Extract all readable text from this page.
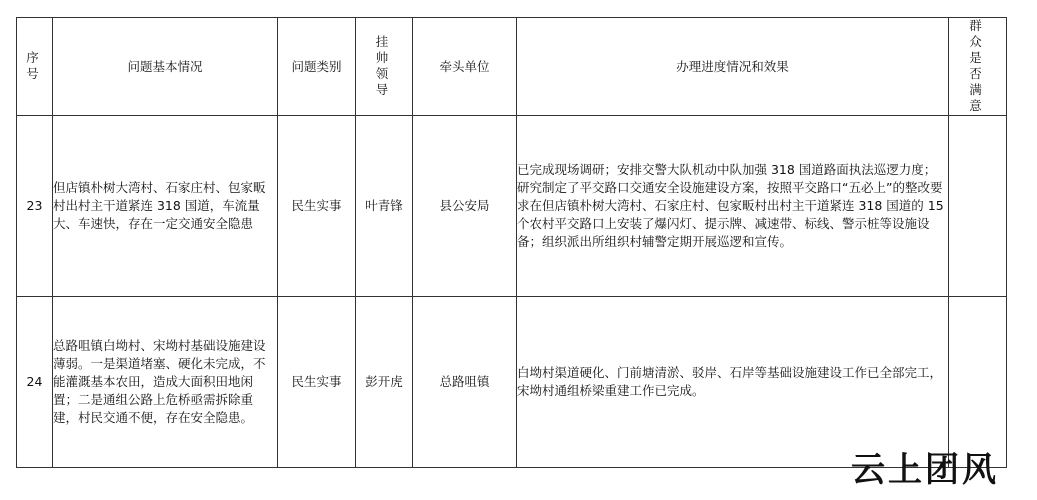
序号	问题基本情况	问题类别	挂帅领导	牵头单位	办理进度情况和效果	群众是否满意
23	但店镇朴树大湾村、石家庄村、包家畈村出村主干道紧连 318 国道，车流量大、车速快，存在一定交通安全隐患	民生实事	叶青锋	县公安局	已完成现场调研；安排交警大队机动中队加强 318 国道路面执法巡逻力度；研究制定了平交路口交通安全设施建设方案，按照平交路口“五必上”的整改要求在但店镇朴树大湾村、石家庄村、包家畈村出村主干道紧连 318 国道的 15 个农村平交路口上安装了爆闪灯、提示牌、减速带、标线、警示桩等设施设备；组织派出所组织村辅警定期开展巡逻和宣传。	
24	总路咀镇白坳村、宋坳村基础设施建设薄弱。一是渠道堵塞、硬化未完成，不能灌溉基本农田，造成大面积田地闲置；二是通组公路上危桥亟需拆除重建，村民交通不便，存在安全隐患。	民生实事	彭开虎	总路咀镇	白坳村渠道硬化、门前塘清淤、驳岸、石岸等基础设施建设工作已全部完工，宋坳村通组桥梁重建工作已完成。	
云上团风
